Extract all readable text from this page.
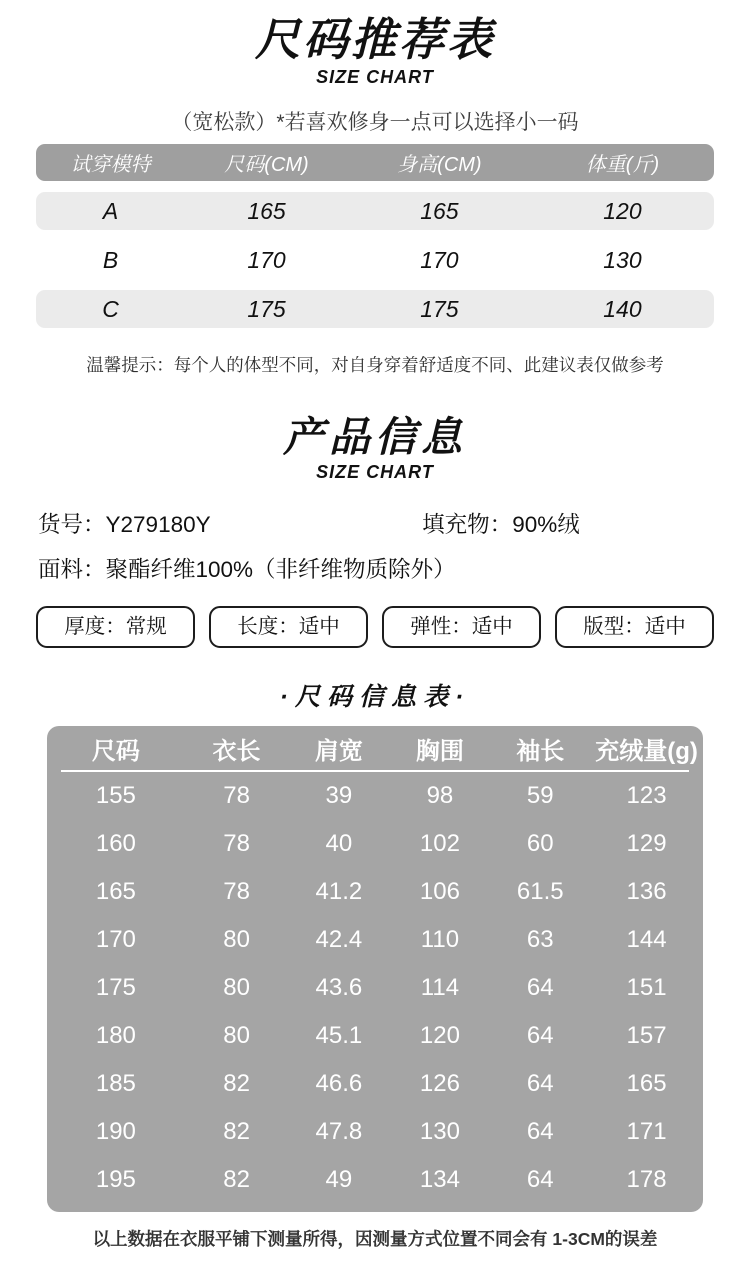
尺码推荐表
SIZE CHART

（宽松款）*若喜欢修身一点可以选择小一码

试穿模特	尺码(CM)	身高(CM)	体重(斤)
A	165	165	120
B	170	170	130
C	175	175	140

温馨提示：每个人的体型不同，对自身穿着舒适度不同、此建议表仅做参考

产品信息
SIZE CHART

货号：Y279180Y	填充物：90%绒

面料：聚酯纤维100%（非纤维物质除外）

厚度：常规	长度：适中	弹性：适中	版型：适中
·尺码信息表·
尺码	衣长	肩宽	胸围	袖长	充绒量(g)
155	78	39	98	59	123
160	78	40	102	60	129
165	78	41.2	106	61.5	136
170	80	42.4	110	63	144
175	80	43.6	114	64	151
180	80	45.1	120	64	157
185	82	46.6	126	64	165
190	82	47.8	130	64	171
195	82	49	134	64	178

以上数据在衣服平铺下测量所得，因测量方式位置不同会有 1-3CM的误差
